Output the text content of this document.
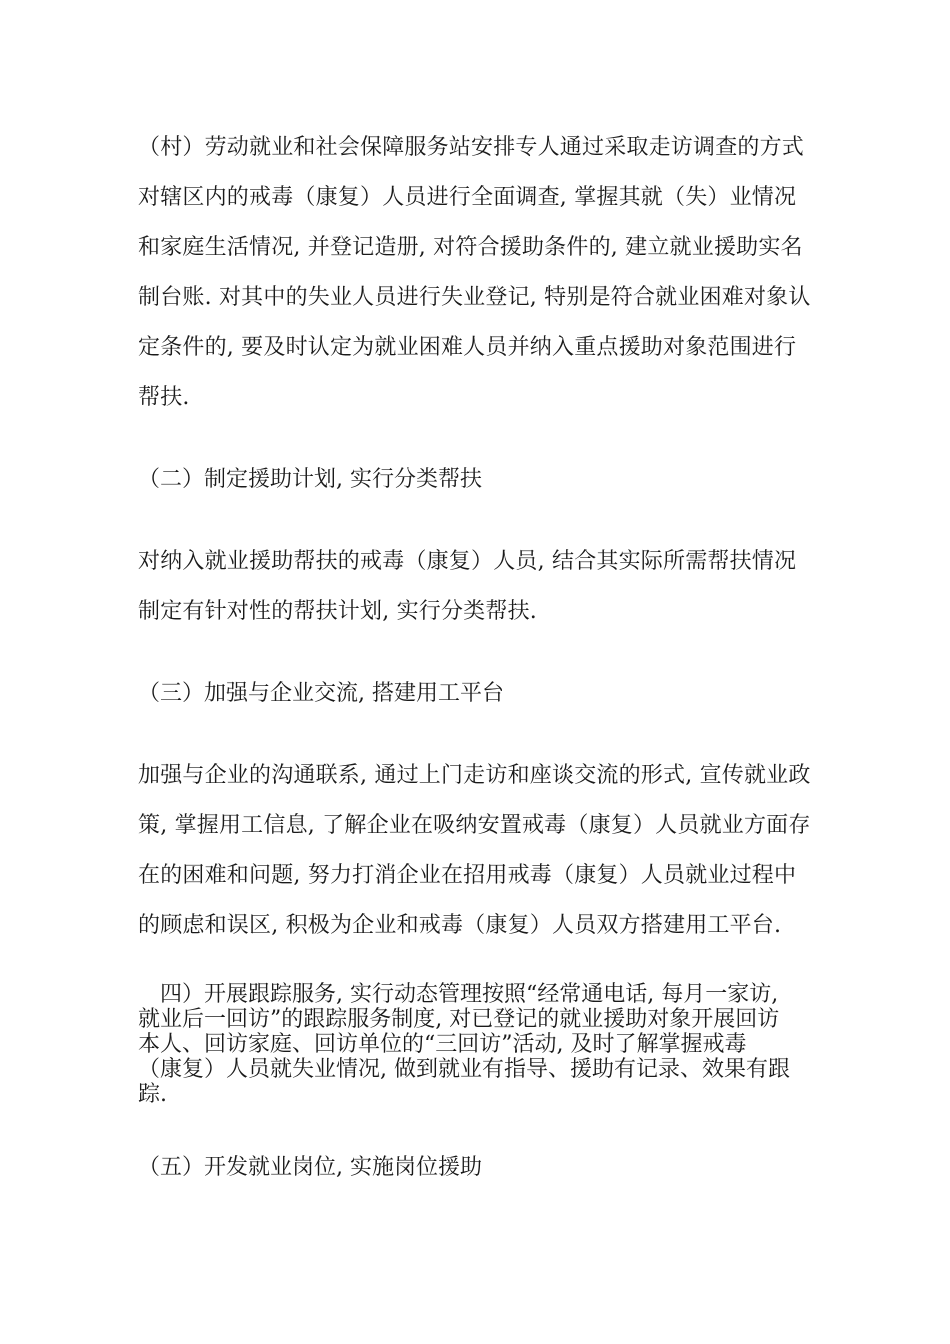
（村）劳动就业和社会保障服务站安排专人通过采取走访调查的方式
对辖区内的戒毒（康复）人员进行全面调查, 掌握其就（失）业情况
和家庭生活情况, 并登记造册, 对符合援助条件的, 建立就业援助实名
制台账. 对其中的失业人员进行失业登记, 特别是符合就业困难对象认
定条件的, 要及时认定为就业困难人员并纳入重点援助对象范围进行
帮扶.
（二）制定援助计划, 实行分类帮扶
对纳入就业援助帮扶的戒毒（康复）人员, 结合其实际所需帮扶情况
制定有针对性的帮扶计划, 实行分类帮扶.
（三）加强与企业交流, 搭建用工平台
加强与企业的沟通联系, 通过上门走访和座谈交流的形式, 宣传就业政
策, 掌握用工信息, 了解企业在吸纳安置戒毒（康复）人员就业方面存
在的困难和问题, 努力打消企业在招用戒毒（康复）人员就业过程中
的顾虑和误区, 积极为企业和戒毒（康复）人员双方搭建用工平台.
　四）开展跟踪服务, 实行动态管理按照“经常通电话, 每月一家访,
就业后一回访”的跟踪服务制度, 对已登记的就业援助对象开展回访
本人、回访家庭、回访单位的“三回访”活动, 及时了解掌握戒毒
（康复）人员就失业情况, 做到就业有指导、援助有记录、效果有跟
踪.
（五）开发就业岗位, 实施岗位援助
